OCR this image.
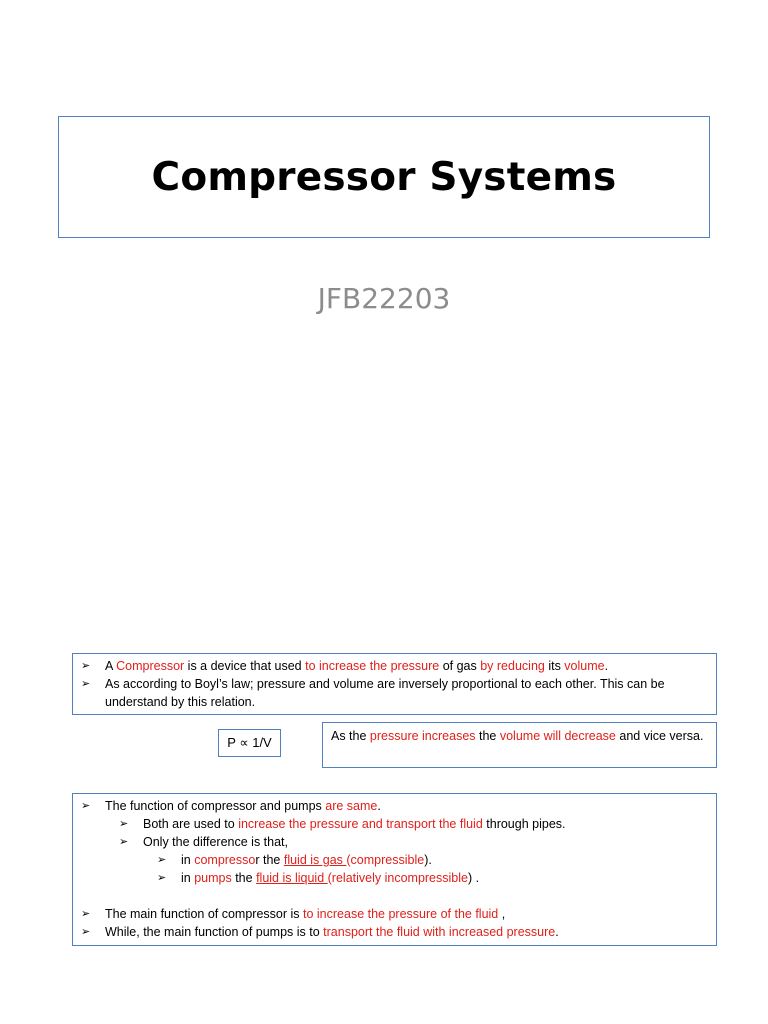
Compressor Systems
JFB22203
➢	A Compressor is a device that used to increase the pressure of gas by reducing its volume.
➢	As according to Boyl’s law; pressure and volume are inversely proportional to each other. This can be understand by this relation.
P ∝ 1/V	As the pressure increases the volume will decrease and vice versa.
➢	The function of compressor and pumps are same.
➢	Both are used to increase the pressure and transport the fluid through pipes.
➢	Only the difference is that,
➢	in compressor the fluid is gas (compressible).
➢	in pumps the fluid is liquid (relatively incompressible) .
➢	The main function of compressor is to increase the pressure of the fluid ,
➢	While, the main function of pumps is to transport the fluid with increased pressure.
